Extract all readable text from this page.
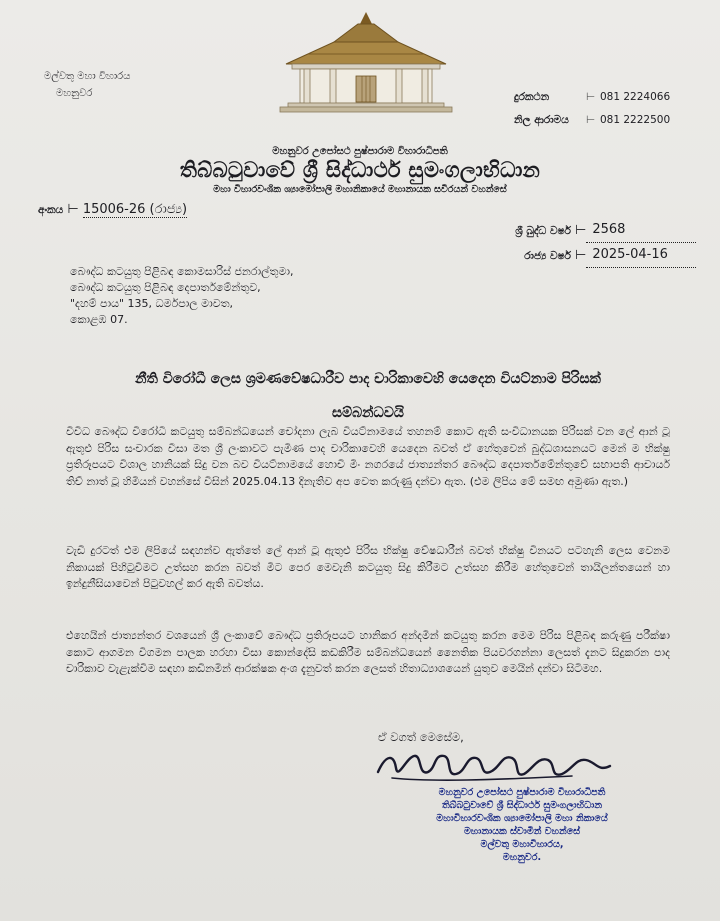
මල්වතු මහා විහාරය
මහනුවර	දුරකථන	⊢ 081 2224066
නිල ආරාමය	⊢ 081 2222500
මහනුවර උපෝසථ පුෂ්පාරාම විහාරාධිපති
තිබ්බටුවාවේ ශ්‍රී සිද්ධාර්ථ සුමංගලාභිධාන
මහා විහාරවංශික ශ්‍යාමෝපාලි මහානිකායේ මහානායක සවිරයන් වහන්සේ
අංකය ⊢ 15006-26 (රාජ්‍ය)
ශ්‍රී බුද්ධ වර්ෂ ⊢ 2568
රාජ්‍ය වර්ෂ ⊢ 2025-04-16
බෞද්ධ කටයුතු පිළිබඳ කොමසාරිස් ජනරාල්තුමා,
බෞද්ධ කටයුතු පිළිබඳ දෙපාර්තමේන්තුව,
"දහම් පාය" 135, ධර්මපාල මාවත,
කොළඹ 07.
නීති විරෝධී ලෙස ශ්‍රමණවේෂධාරීව පාද චාරිකාවෙහි යෙදෙන වියට්නාම පිරිසක්
සම්බන්ධවයි
විවිධ බෞද්ධ විරෝධී කටයුතු සම්බන්ධයෙන් චෝදනා ලැබ වියට්නාමයේ තහනම් කොට ඇති සංවිධානයක පිරිසක් වන ලේ ආන් ටූ ඇතුළු පිරිස සංචාරක වීසා මත ශ්‍රී ලංකාවට පැමිණ පාද චාරිකාවෙහි යෙදෙන බවත් ඒ හේතුවෙන් බුද්ධශාසනයට මෙන් ම භික්ෂු ප්‍රතිරූපයට විශාල හානියක් සිදු වන බව වියට්නාමයේ හොචි මිං නගරයේ ජාත්‍යන්තර බෞද්ධ දෙපාර්තමේන්තුවේ සභාපති ආචාර්ය තිච් නාත් ටූ හිමියන් වහන්සේ විසින් 2025.04.13 දිනැතිව අප වෙත කරුණු දන්වා ඇත. (එම ලිපිය මේ සමඟ අමුණා ඇත.)
වැඩි දුරටත් එම ලිපියේ සඳහන්ව ඇත්තේ ලේ ආන් ටූ ඇතුළු පිරිස භික්ෂු වේෂධාරීන් බවත් භික්ෂු විනයට පටහැනි ලෙස වෙනම නිකායක් පිහිටුවීමට උත්සහ කරන බවත් මීට පෙර මෙවැනි කටයුතු සිදු කිරීමට උත්සහ කිරීම හේතුවෙන් තායිලන්තයෙන් හා ඉන්දුනීසියාවෙන් පිටුවහල් කර ඇති බවත්ය.
එහෙයින් ජාත්‍යන්තර වශයෙන් ශ්‍රී ලංකාවේ බෞද්ධ ප්‍රතිරූපයට හානිකර අන්දමින් කටයුතු කරන මෙම පිරිස පිළිබඳ කරුණු පරීක්ෂා කොට ආගමන විගමන පාලක හරහා වීසා කොන්දේසි කඩකිරීම සම්බන්ධයෙන් නෛතික පියවරගන්නා ලෙසත් දැනට සිදුකරන පාද චාරිකාව වැළැක්වීම සඳහා කඩිනමින් ආරක්ෂක අංශ දැනුවත් කරන ලෙසත් හිතාධ්‍යාශයෙන් යුතුව මෙයින් දන්වා සිටිමහ.
ඒ වගත් මෙසේම,
මහනුවර උපෝසථ පුෂ්පාරාම විහාරාධිපති
තිබ්බටුවාවේ ශ්‍රී සිද්ධාර්ථ සුමංගලාභිධාන
මහාවිහාරවංශික ශ්‍යාමෝපාලි මහා නිකායේ
මහානායක ස්වාමීන් වහන්සේ
මල්වතු මහාවිහාරය,
මහනුවර.
